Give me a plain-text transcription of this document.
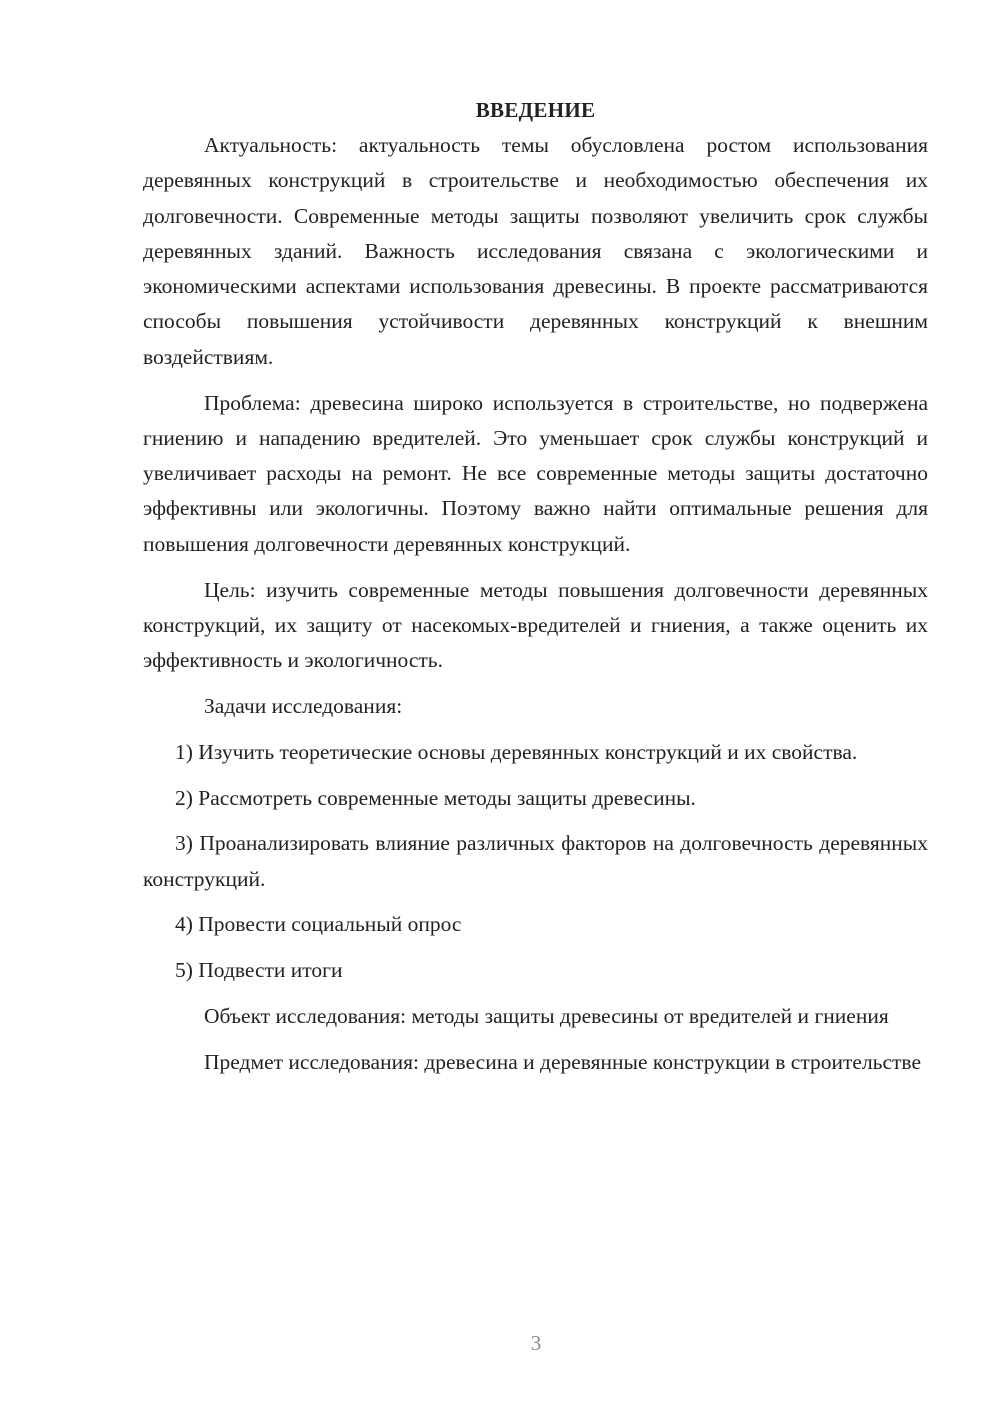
ВВЕДЕНИЕ

Актуальность: актуальность темы обусловлена ростом использования деревянных конструкций в строительстве и необходимостью обеспечения их долговечности. Современные методы защиты позволяют увеличить срок службы деревянных зданий. Важность исследования связана с экологическими и экономическими аспектами использования древесины. В проекте рассматриваются способы повышения устойчивости деревянных конструкций к внешним воздействиям.

Проблема: древесина широко используется в строительстве, но подвержена гниению и нападению вредителей. Это уменьшает срок службы конструкций и увеличивает расходы на ремонт. Не все современные методы защиты достаточно эффективны или экологичны. Поэтому важно найти оптимальные решения для повышения долговечности деревянных конструкций.

Цель: изучить современные методы повышения долговечности деревянных конструкций, их защиту от насекомых-вредителей и гниения, а также оценить их эффективность и экологичность.

Задачи исследования:

1) Изучить теоретические основы деревянных конструкций и их свойства.

2) Рассмотреть современные методы защиты древесины.

3) Проанализировать влияние различных факторов на долговечность деревянных конструкций.

4) Провести социальный опрос

5) Подвести итоги

Объект исследования: методы защиты древесины от вредителей и гниения

Предмет исследования: древесина и деревянные конструкции в строительстве

3
